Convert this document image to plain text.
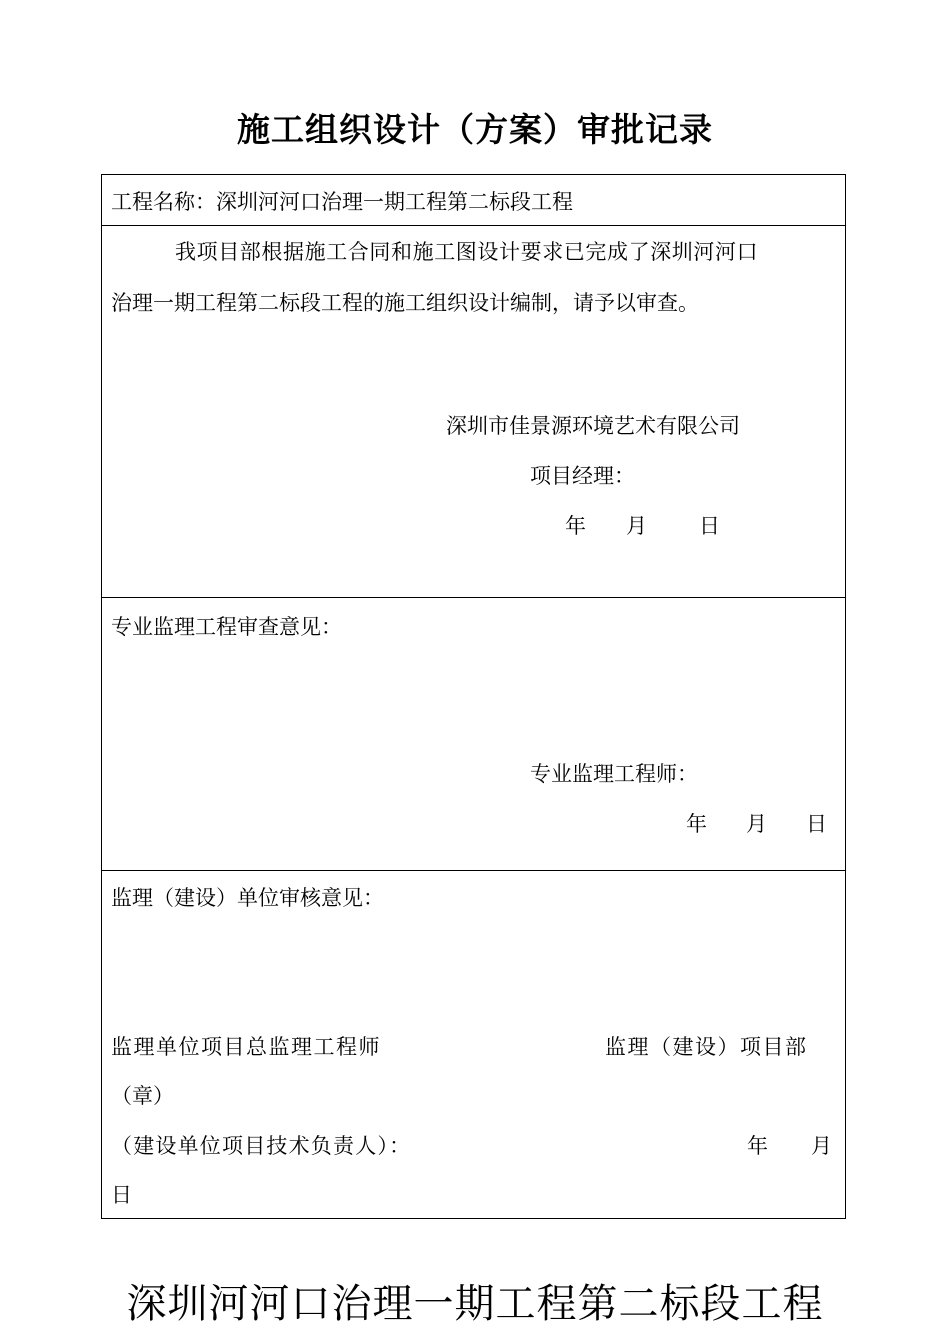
施工组织设计（方案）审批记录
工程名称：深圳河河口治理一期工程第二标段工程
我项目部根据施工合同和施工图设计要求已完成了深圳河河口
治理一期工程第二标段工程的施工组织设计编制，请予以审查。
深圳市佳景源环境艺术有限公司
项目经理：
年 月 日
专业监理工程审查意见：
专业监理工程师：
年 月 日
监理（建设）单位审核意见：
监理单位项目总监理工程师	监理（建设）项目部
（章）
（建设单位项目技术负责人）：	年 月
日
深圳河河口治理一期工程第二标段工程
